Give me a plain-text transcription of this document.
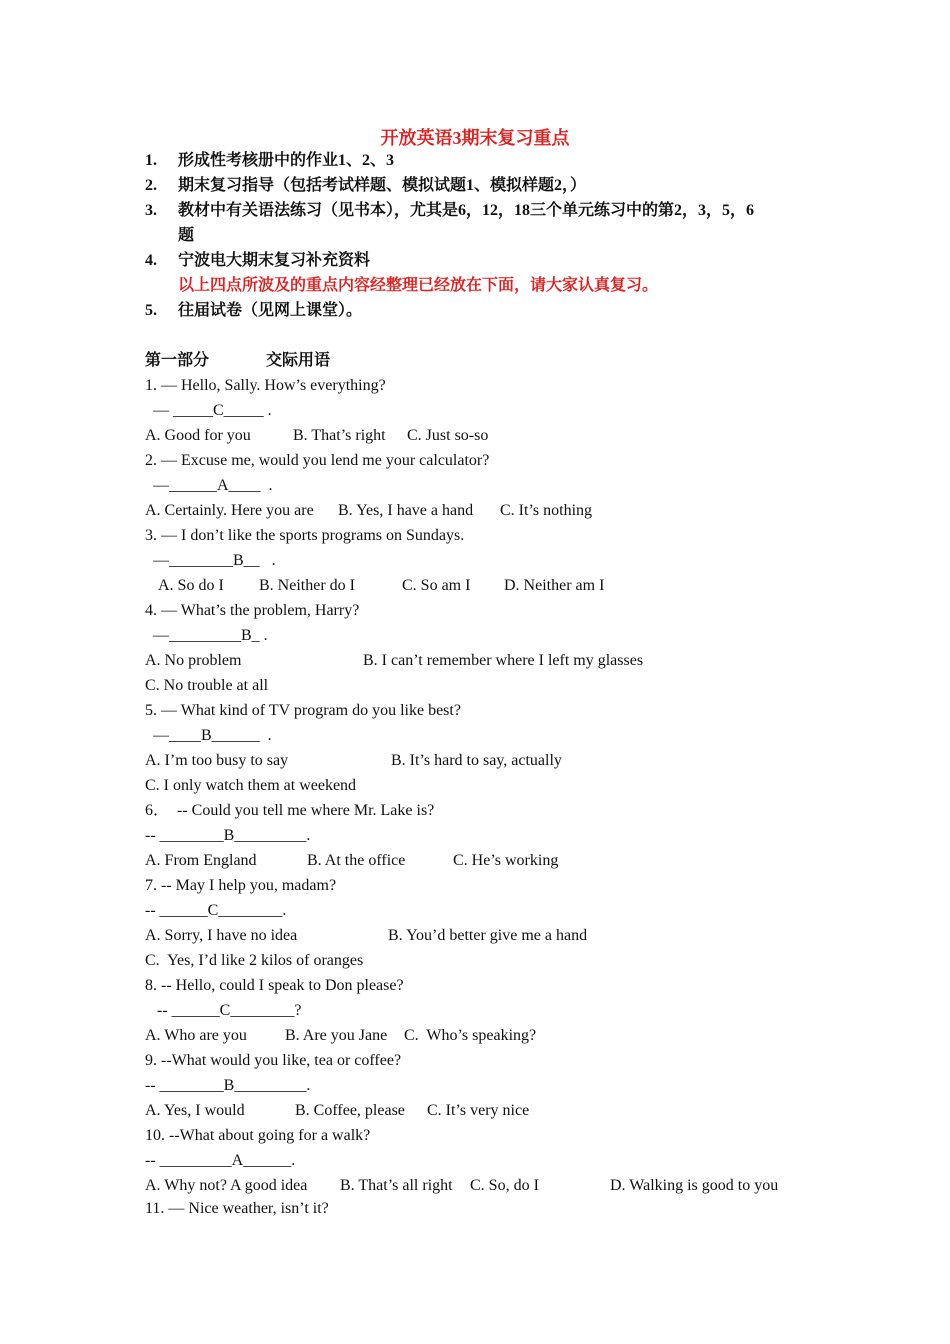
开放英语3期末复习重点
1. 形成性考核册中的作业1、2、3
2. 期末复习指导（包括考试样题、模拟试题1、模拟样题2，）
3. 教材中有关语法练习（见书本），尤其是6，12，18三个单元练习中的第2，3，5，6
题
4. 宁波电大期末复习补充资料
以上四点所波及的重点内容经整理已经放在下面，请大家认真复习。
5. 往届试卷（见网上课堂）。
第一部分	交际用语
1. — Hello, Sally. How’s everything?
— _____C_____ .
A. Good for you	B. That’s right C. Just so-so
2. — Excuse me, would you lend me your calculator?
—______A____  .
A. Certainly. Here you are B. Yes, I have a hand C. It’s nothing
3. — I don’t like the sports programs on Sundays.
—________B__   .
A. So do I B. Neither do I	C. So am I D. Neither am I
4. — What’s the problem, Harry?
—_________B_ .
A. No problem	B. I can’t remember where I left my glasses
C. No trouble at all
5. — What kind of TV program do you like best?
—____B______  .
A. I’m too busy to say	B. It’s hard to say, actually
C. I only watch them at weekend
6．  -- Could you tell me where Mr. Lake is?
-- ________B_________.
A. From England	B. At the office	C. He’s working
7. -- May I help you, madam?
-- ______C________.
A. Sorry, I have no idea	B. You’d better give me a hand
C.  Yes, I’d like 2 kilos of oranges
8. -- Hello, could I speak to Don please?
-- ______C________?
A. Who are you B. Are you Jane C.  Who’s speaking?
9. --What would you like, tea or coffee?
-- ________B_________.
A. Yes, I would	B. Coffee, please C. It’s very nice
10. --What about going for a walk?
-- _________A______.
A. Why not? A good idea B. That’s all right C. So, do I	D. Walking is good to you
11. — Nice weather, isn’t it?
